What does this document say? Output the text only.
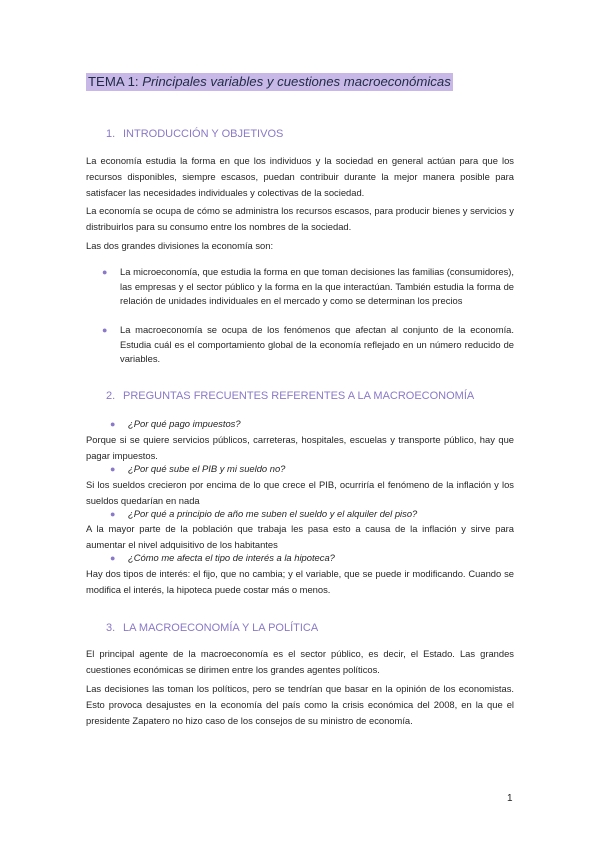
TEMA 1: Principales variables y cuestiones macroeconómicas
1. INTRODUCCIÓN Y OBJETIVOS

La economía estudia la forma en que los individuos y la sociedad en general actúan para que los recursos disponibles, siempre escasos, puedan contribuir durante la mejor manera posible para satisfacer las necesidades individuales y colectivas de la sociedad.

La economía se ocupa de cómo se administra los recursos escasos, para producir bienes y servicios y distribuirlos para su consumo entre los nombres de la sociedad.

Las dos grandes divisiones la economía son:

● La microeconomía, que estudia la forma en que toman decisiones las familias (consumidores), las empresas y el sector público y la forma en la que interactúan. También estudia la forma de relación de unidades individuales en el mercado y como se determinan los precios
● La macroeconomía se ocupa de los fenómenos que afectan al conjunto de la economía. Estudia cuál es el comportamiento global de la economía reflejado en un número reducido de variables.
2. PREGUNTAS FRECUENTES REFERENTES A LA MACROECONOMÍA
● ¿Por qué pago impuestos?

Porque si se quiere servicios públicos, carreteras, hospitales, escuelas y transporte público, hay que pagar impuestos.

● ¿Por qué sube el PIB y mi sueldo no?

Si los sueldos crecieron por encima de lo que crece el PIB, ocurriría el fenómeno de la inflación y los sueldos quedarían en nada

● ¿Por qué a principio de año me suben el sueldo y el alquiler del piso?

A la mayor parte de la población que trabaja les pasa esto a causa de la inflación y sirve para aumentar el nivel adquisitivo de los habitantes

● ¿Cómo me afecta el tipo de interés a la hipoteca?

Hay dos tipos de interés: el fijo, que no cambia; y el variable, que se puede ir modificando. Cuando se modifica el interés, la hipoteca puede costar más o menos.

3. LA MACROECONOMÍA Y LA POLÍTICA

El principal agente de la macroeconomía es el sector público, es decir, el Estado. Las grandes cuestiones económicas se dirimen entre los grandes agentes políticos.

Las decisiones las toman los políticos, pero se tendrían que basar en la opinión de los economistas. Esto provoca desajustes en la economía del país como la crisis económica del 2008, en la que el presidente Zapatero no hizo caso de los consejos de su ministro de economía.

1
